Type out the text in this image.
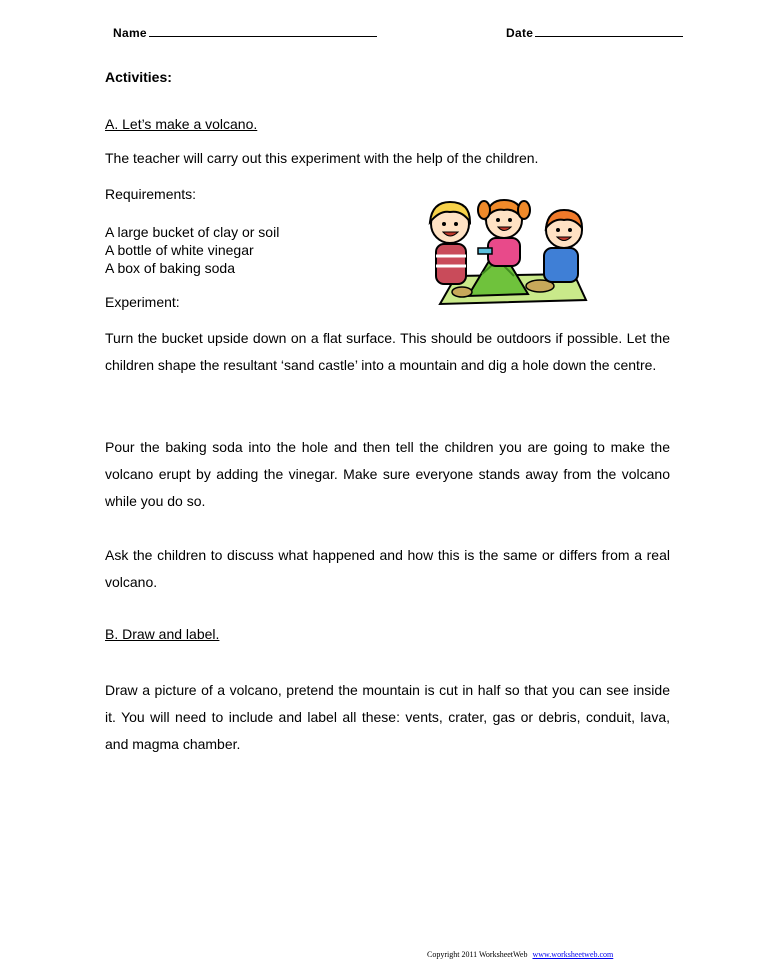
Name	Date
Activities:
A. Let’s make a volcano.
The teacher will carry out this experiment with the help of the children.
Requirements:
A large bucket of clay or soil
A bottle of white vinegar
A box of baking soda
Experiment:
Turn the bucket upside down on a flat surface. This should be outdoors if possible. Let the children shape the resultant ‘sand castle’ into a mountain and dig a hole down the centre.
Pour the baking soda into the hole and then tell the children you are going to make the volcano erupt by adding the vinegar. Make sure everyone stands away from the volcano while you do so.
Ask the children to discuss what happened and how this is the same or differs from a real volcano.
B. Draw and label.
Draw a picture of a volcano, pretend the mountain is cut in half so that you can see inside it. You will need to include and label all these: vents, crater, gas or debris, conduit, lava, and magma chamber.
Copyright 2011 WorksheetWeb www.worksheetweb.com
